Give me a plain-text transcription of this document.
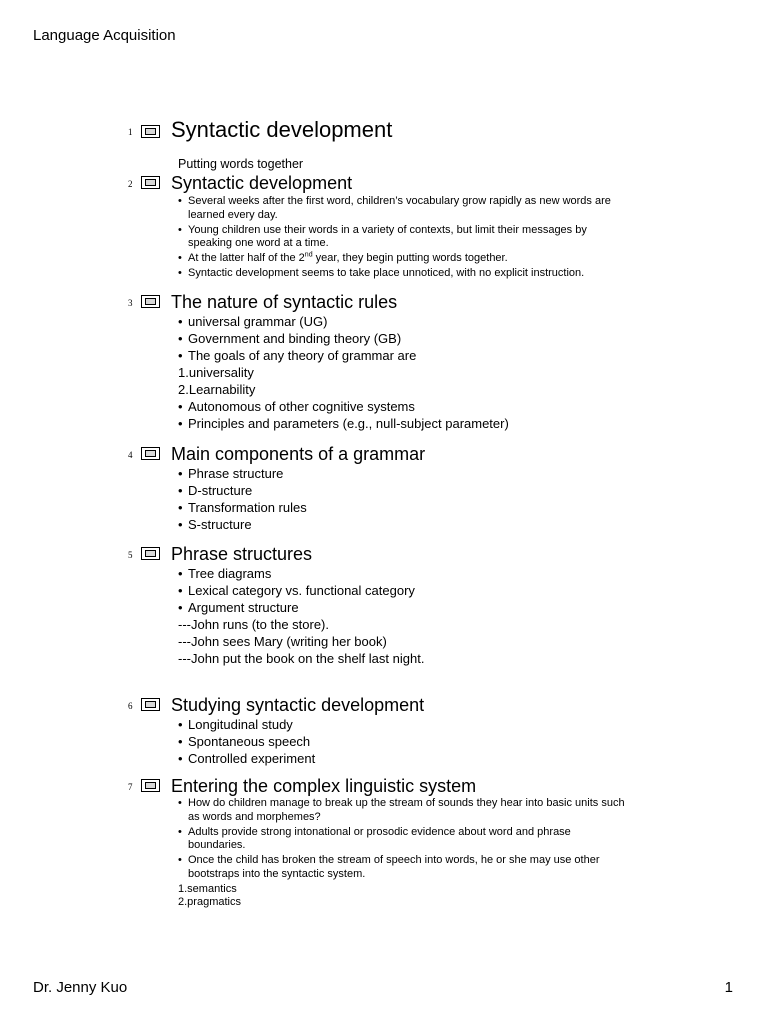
Language Acquisition
1 Syntactic development
Putting words together
2 Syntactic development
• Several weeks after the first word, children’s vocabulary grow rapidly as new words are
learned every day.
• Young children use their words in a variety of contexts, but limit their messages by
speaking one word at a time.
• At the latter half of the 2nd year, they begin putting words together.
• Syntactic development seems to take place unnoticed, with no explicit instruction.
3 The nature of syntactic rules
• universal grammar (UG)
• Government and binding theory (GB)
• The goals of any theory of grammar are
1.universality
2.Learnability
• Autonomous of other cognitive systems
• Principles and parameters (e.g., null-subject parameter)
4 Main components of a grammar
• Phrase structure
• D-structure
• Transformation rules
• S-structure
5 Phrase structures
• Tree diagrams
• Lexical category vs. functional category
• Argument structure
---John runs (to the store).
---John sees Mary (writing her book)
---John put the book on the shelf last night.
6 Studying syntactic development
• Longitudinal study
• Spontaneous speech
• Controlled experiment
7 Entering the complex linguistic system
• How do children manage to break up the stream of sounds they hear into basic units such
as words and morphemes?
• Adults provide strong intonational or prosodic evidence about word and phrase
boundaries.
• Once the child has broken the stream of speech into words, he or she may use other
bootstraps into the syntactic system.
1.semantics
2.pragmatics
Dr. Jenny Kuo	1
